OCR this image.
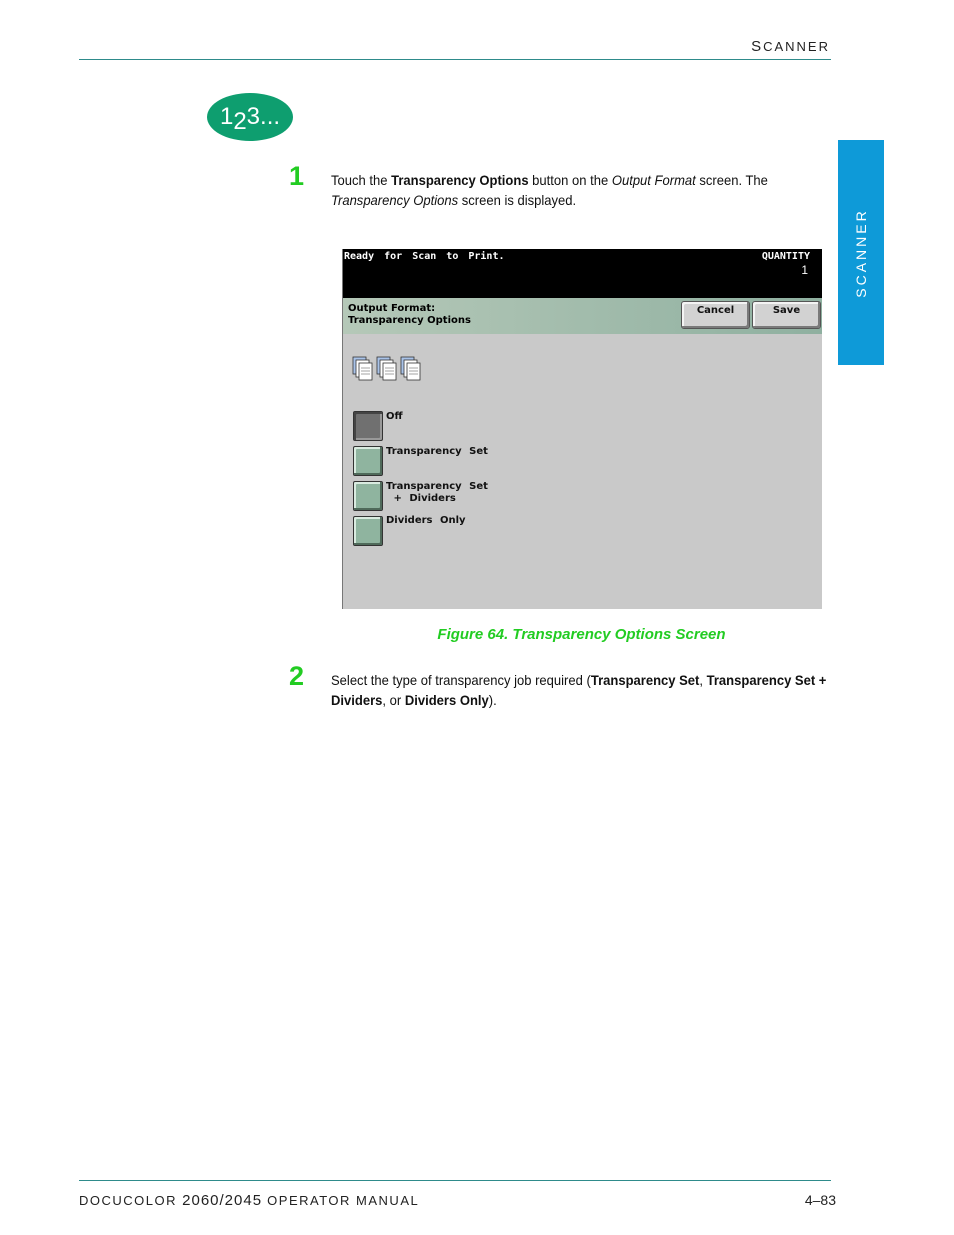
SCANNER
SCANNER
1 2 3...
1 Touch the Transparency Options button on the Output Format screen. The Transparency Options screen is displayed.
Ready for Scan to Print.	QUANTITY
1
Output Format:
Transparency Options
Cancel	Save
Off
Transparency Set
Transparency Set
+ Dividers
Dividers Only
Figure 64. Transparency Options Screen
2 Select the type of transparency job required (Transparency Set, Transparency Set + Dividers, or Dividers Only).
DOCUCOLOR 2060/2045 OPERATOR MANUAL	4–83
